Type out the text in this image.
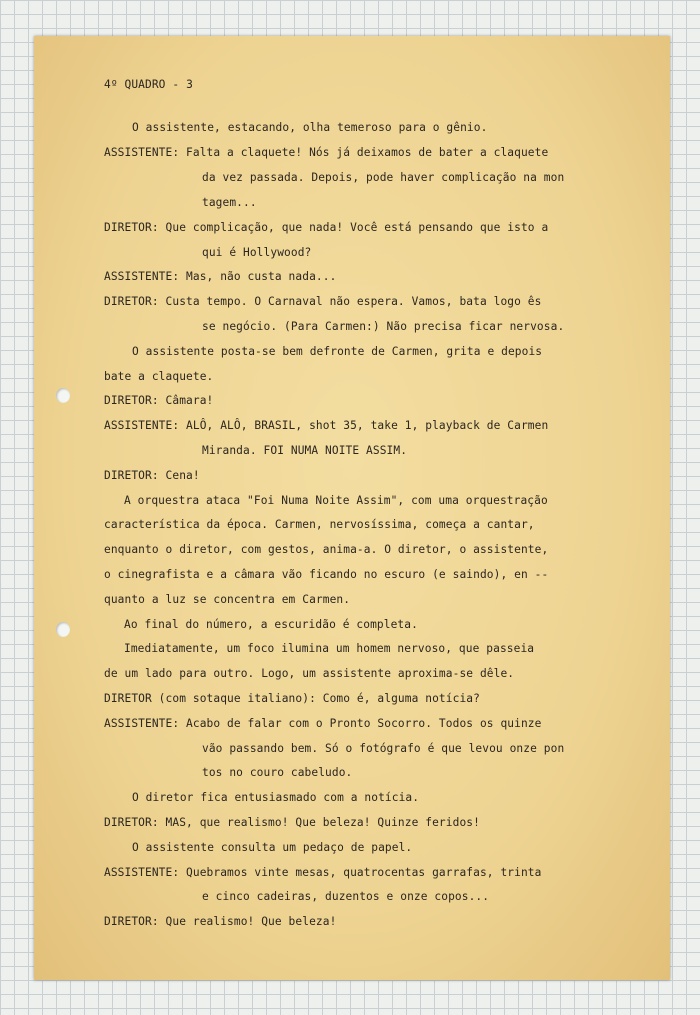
4º QUADRO - 3
O assistente, estacando, olha temeroso para o gênio.
ASSISTENTE: Falta a claquete! Nós já deixamos de bater a claquete
da vez passada. Depois, pode haver complicação na mon
tagem...
DIRETOR: Que complicação, que nada! Você está pensando que isto a
qui é Hollywood?
ASSISTENTE: Mas, não custa nada...
DIRETOR: Custa tempo. O Carnaval não espera. Vamos, bata logo ês
se negócio. (Para Carmen:) Não precisa ficar nervosa.
O assistente posta-se bem defronte de Carmen, grita e depois
bate a claquete.
DIRETOR: Câmara!
ASSISTENTE: ALÔ, ALÔ, BRASIL, shot 35, take 1, playback de Carmen
Miranda. FOI NUMA NOITE ASSIM.
DIRETOR: Cena!
A orquestra ataca "Foi Numa Noite Assim", com uma orquestração
característica da época. Carmen, nervosíssima, começa a cantar,
enquanto o diretor, com gestos, anima-a. O diretor, o assistente,
o cinegrafista e a câmara vão ficando no escuro (e saindo), en --
quanto a luz se concentra em Carmen.
Ao final do número, a escuridão é completa.
Imediatamente, um foco ilumina um homem nervoso, que passeia
de um lado para outro. Logo, um assistente aproxima-se dêle.
DIRETOR (com sotaque italiano): Como é, alguma notícia?
ASSISTENTE: Acabo de falar com o Pronto Socorro. Todos os quinze
vão passando bem. Só o fotógrafo é que levou onze pon
tos no couro cabeludo.
O diretor fica entusiasmado com a notícia.
DIRETOR: MAS, que realismo! Que beleza! Quinze feridos!
O assistente consulta um pedaço de papel.
ASSISTENTE: Quebramos vinte mesas, quatrocentas garrafas, trinta
e cinco cadeiras, duzentos e onze copos...
DIRETOR: Que realismo! Que beleza!
